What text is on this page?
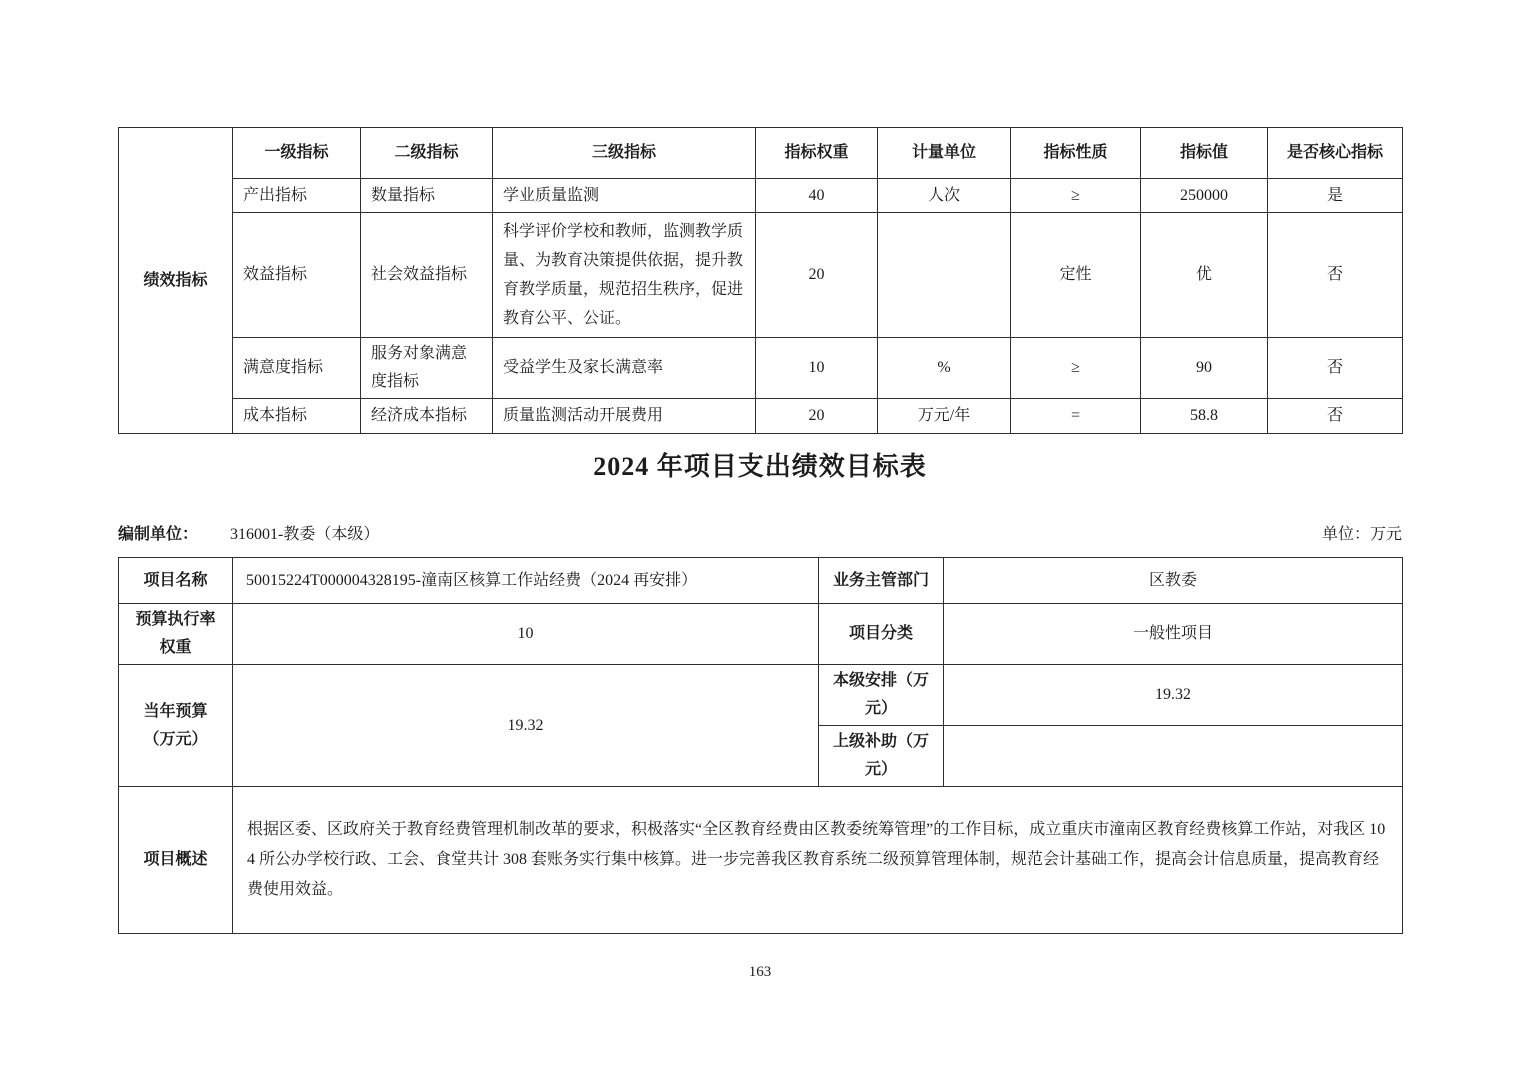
绩效指标	一级指标	二级指标	三级指标	指标权重	计量单位	指标性质	指标值	是否核心指标
	产出指标	数量指标	学业质量监测	40	人次	≥	250000	是
	效益指标	社会效益指标	科学评价学校和教师，监测教学质量、为教育决策提供依据，提升教育教学质量，规范招生秩序，促进教育公平、公证。	20		定性	优	否
	满意度指标	服务对象满意度指标	受益学生及家长满意率	10	%	≥	90	否
	成本指标	经济成本指标	质量监测活动开展费用	20	万元/年	=	58.8	否
2024 年项目支出绩效目标表
编制单位： 316001-教委（本级）	单位：万元
项目名称	50015224T000004328195-潼南区核算工作站经费（2024 再安排）	业务主管部门	区教委
预算执行率权重	10	项目分类	一般性项目
当年预算（万元）	19.32	本级安排（万元）	19.32
		上级补助（万元）	
项目概述	根据区委、区政府关于教育经费管理机制改革的要求，积极落实“全区教育经费由区教委统筹管理”的工作目标，成立重庆市潼南区教育经费核算工作站，对我区 104 所公办学校行政、工会、食堂共计 308 套账务实行集中核算。进一步完善我区教育系统二级预算管理体制，规范会计基础工作，提高会计信息质量，提高教育经费使用效益。		
163
